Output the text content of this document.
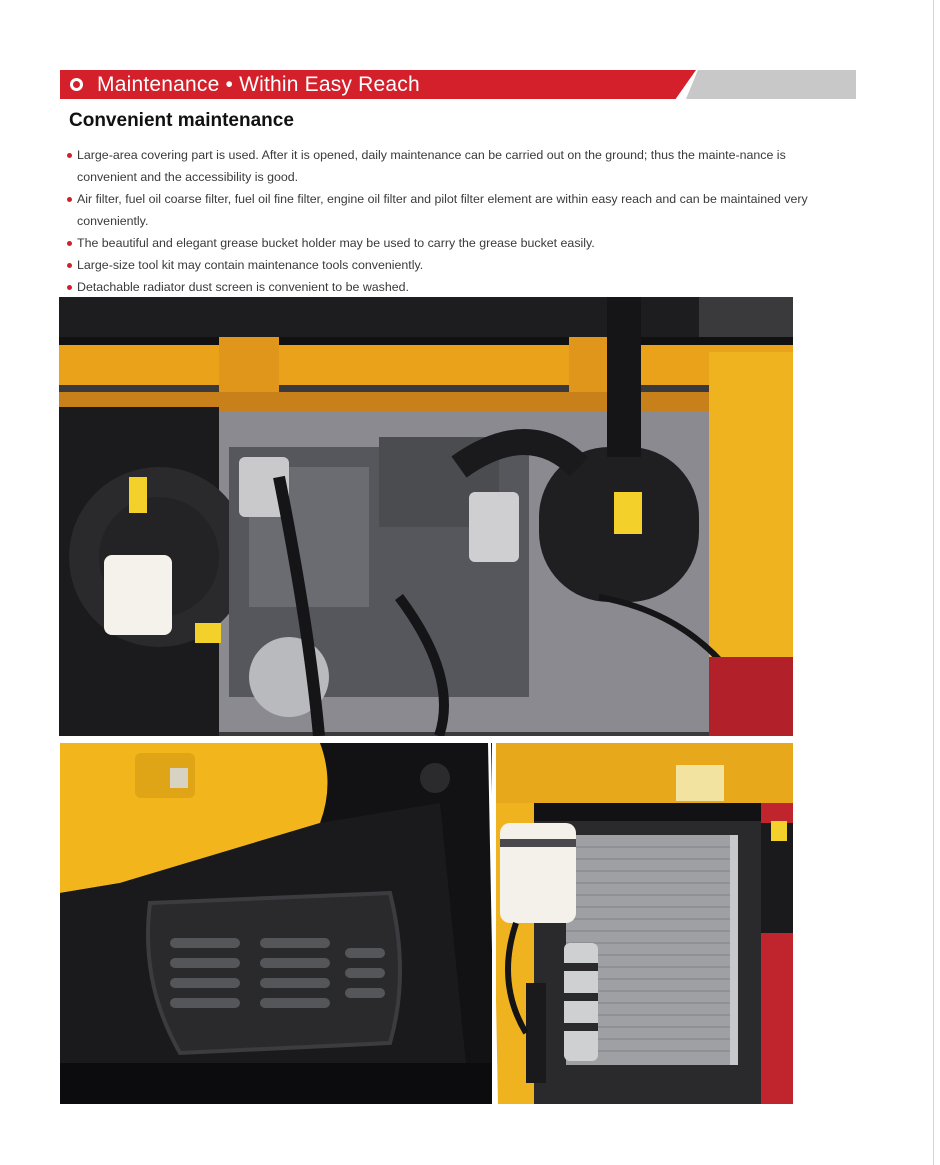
Maintenance • Within Easy Reach
Convenient maintenance
Large-area covering part is used. After it is opened, daily maintenance can be carried out on the ground; thus the mainte-nance is convenient and the accessibility is good.
Air filter, fuel oil coarse filter, fuel oil fine filter, engine oil filter and pilot filter element are within easy reach and can be maintained very conveniently.
The beautiful and elegant grease bucket holder may be used to carry the grease bucket easily.
Large-size tool kit may contain maintenance tools conveniently.
Detachable radiator dust screen is convenient to be washed.
